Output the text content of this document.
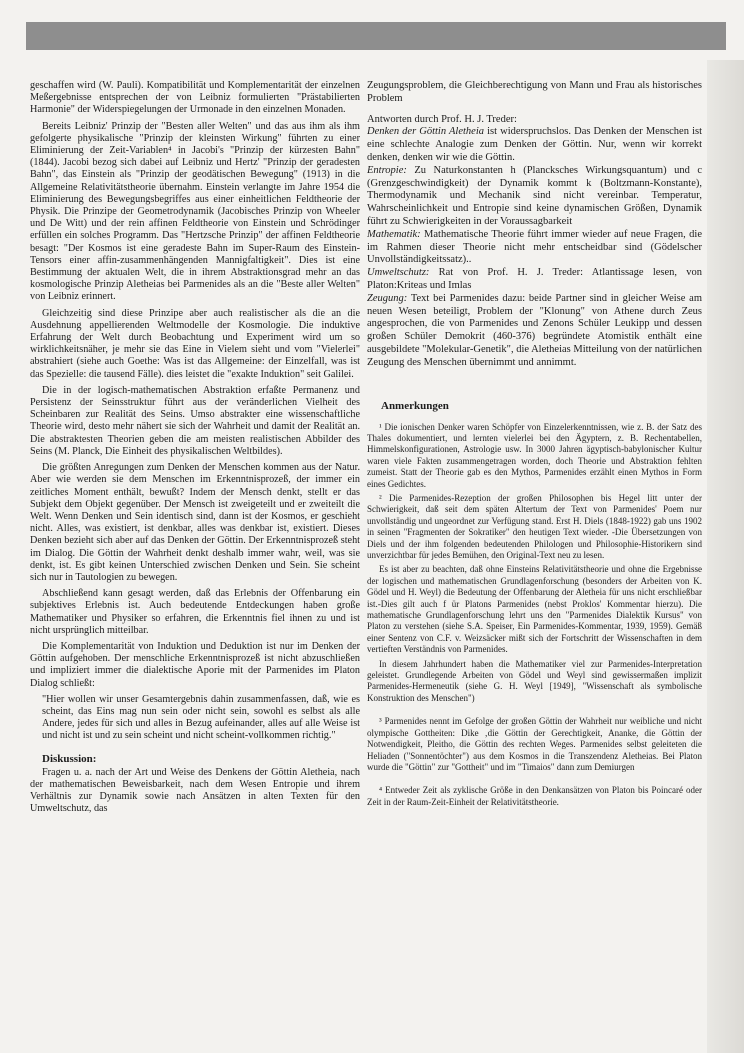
geschaffen wird (W. Pauli). Kompatibilität und Komplementarität der einzelnen Meßergebnisse entsprechen der von Leibniz formulierten "Prästabilierten Harmonie" der Widerspiegelungen der Urmonade in den einzelnen Monaden.

Bereits Leibniz' Prinzip der "Besten aller Welten" und das aus ihm als ihm gefolgerte physikalische "Prinzip der kleinsten Wirkung" führten zu einer Eliminierung der Zeit-Variablen⁴ in Jacobi's "Prinzip der kürzesten Bahn" (1844). Jacobi bezog sich dabei auf Leibniz und Hertz' "Prinzip der geradesten Bahn", das Einstein als "Prinzip der geodätischen Bewegung" (1913) in die Allgemeine Relativitätstheorie übernahm. Einstein verlangte im Jahre 1954 die Eliminierung des Bewegungsbegriffes aus einer einheitlichen Feldtheorie der Physik. Die Prinzipe der Geometrodynamik (Jacobisches Prinzip von Wheeler und De Witt) und der rein affinen Feldtheorie von Einstein und Schrödinger erfüllen ein solches Programm. Das "Hertzsche Prinzip" der affinen Feldtheorie besagt: "Der Kosmos ist eine geradeste Bahn im Super-Raum des Einstein-Tensors einer affin-zusammenhängenden Mannigfaltigkeit". Dies ist eine Bestimmung der aktualen Welt, die in ihrem Abstraktionsgrad mehr an das kosmologische Prinzip Aletheias bei Parmenides als an die "Beste aller Welten" von Leibniz erinnert.

Gleichzeitig sind diese Prinzipe aber auch realistischer als die an die Ausdehnung appellierenden Weltmodelle der Kosmologie. Die induktive Erfahrung der Welt durch Beobachtung und Experiment wird um so wirklichkeitsnäher, je mehr sie das Eine in Vielem sieht und vom "Vielerlei" abstrahiert (siehe auch Goethe: Was ist das Allgemeine: der Einzelfall, was ist das Spezielle: die tausend Fälle). dies leistet die "exakte Induktion" seit Galilei.

Die in der logisch-mathematischen Abstraktion erfaßte Permanenz und Persistenz der Seinsstruktur führt aus der veränderlichen Vielheit des Scheinbaren zur Realität des Seins. Umso abstrakter eine wissenschaftliche Theorie wird, desto mehr nähert sie sich der Wahrheit und damit der Realität an. Die abstraktesten Theorien geben die am meisten realistischen Abbilder des Seins (M. Planck, Die Einheit des physikalischen Weltbildes).

Die größten Anregungen zum Denken der Menschen kommen aus der Natur. Aber wie werden sie dem Menschen im Erkenntnisprozeß, der immer ein zeitliches Moment enthält, bewußt? Indem der Mensch denkt, stellt er das Subjekt dem Objekt gegenüber. Der Mensch ist zweigeteilt und er zweiteilt die Welt. Wenn Denken und Sein identisch sind, dann ist der Kosmos, er geschieht nicht. Alles, was existiert, ist denkbar, alles was denkbar ist, existiert. Dieses Denken bezieht sich aber auf das Denken der Göttin. Der Erkenntnisprozeß steht im Dialog. Die Göttin der Wahrheit denkt deshalb immer wahr, weil, was sie denkt, ist. Es gibt keinen Unterschied zwischen Denken und Sein. Sie scheint sich nur in Tautologien zu bewegen.

Abschließend kann gesagt werden, daß das Erlebnis der Offenbarung ein subjektives Erlebnis ist. Auch bedeutende Entdeckungen haben große Mathematiker und Physiker so erfahren, die Erkenntnis fiel ihnen zu und ist nicht ursprünglich mitteilbar.

Die Komplementarität von Induktion und Deduktion ist nur im Denken der Göttin aufgehoben. Der menschliche Erkenntnisprozeß ist nicht abzuschließen und impliziert immer die dialektische Aporie mit der Parmenides im Platon Dialog schließt:

"Hier wollen wir unser Gesamtergebnis dahin zusammenfassen, daß, wie es scheint, das Eins mag nun sein oder nicht sein, sowohl es selbst als alle Andere, jedes für sich und alles in Bezug aufeinander, alles auf alle Weise ist und nicht ist und zu sein scheint und nicht scheint-vollkommen richtig."

Diskussion:

Fragen u. a. nach der Art und Weise des Denkens der Göttin Aletheia, nach der mathematischen Beweisbarkeit, nach dem Wesen Entropie und ihrem Verhältnis zur Dynamik sowie nach Ansätzen in alten Texten für den Umweltschutz, das

Zeugungsproblem, die Gleichberechtigung von Mann und Frau als historisches Problem

Antworten durch Prof. H. J. Treder:

Denken der Göttin Aletheia ist widerspruchslos. Das Denken der Menschen ist eine schlechte Analogie zum Denken der Göttin. Nur, wenn wir korrekt denken, denken wir wie die Göttin.

Entropie: Zu Naturkonstanten h (Plancksches Wirkungsquantum) und c (Grenzgeschwindigkeit) der Dynamik kommt k (Boltzmann-Konstante), Thermodynamik und Mechanik sind nicht vereinbar. Temperatur, Wahrscheinlichkeit und Entropie sind keine dynamischen Größen, Dynamik führt zu Schwierigkeiten in der Voraussagbarkeit

Mathematik: Mathematische Theorie führt immer wieder auf neue Fragen, die im Rahmen dieser Theorie nicht mehr entscheidbar sind (Gödelscher Unvollständigkeitssatz)..

Umweltschutz: Rat von Prof. H. J. Treder: Atlantissage lesen, von Platon:Kriteas und Imlas

Zeugung: Text bei Parmenides dazu: beide Partner sind in gleicher Weise am neuen Wesen beteiligt, Problem der "Klonung" von Athene durch Zeus angesprochen, die von Parmenides und Zenons Schüler Leukipp und dessen großen Schüler Demokrit (460-376) begründete Atomistik enthält eine ausgebildete "Molekular-Genetik", die Aletheias Mitteilung von der natürlichen Zeugung des Menschen übernimmt und annimmt.

Anmerkungen

¹ Die ionischen Denker waren Schöpfer von Einzelerkenntnissen, wie z. B. der Satz des Thales dokumentiert, und lernten vielerlei bei den Ägyptern, z. B. Rechentabellen, Himmelskonfigurationen, Astrologie usw. In 3000 Jahren ägyptisch-babylonischer Kultur waren viele Fakten zusammengetragen worden, doch Theorie und Abstraktion fehlten zumeist. Statt der Theorie gab es den Mythos, Parmenides erzählt einen Mythos in Form eines Gedichtes.

² Die Parmenides-Rezeption der großen Philosophen bis Hegel litt unter der Schwierigkeit, daß seit dem späten Altertum der Text von Parmenides' Poem nur unvollständig und ungeordnet zur Verfügung stand. Erst H. Diels (1848-1922) gab uns 1902 in seinen "Fragmenten der Sokratiker" den heutigen Text wieder. -Die Übersetzungen von Diels und der ihm folgenden bedeutenden Philologen und Philosophie-Historikern sind unverzichtbar für jedes Bemühen, den Original-Text neu zu lesen.

Es ist aber zu beachten, daß ohne Einsteins Relativitätstheorie und ohne die Ergebnisse der logischen und mathematischen Grundlagenforschung (besonders der Arbeiten von K. Gödel und H. Weyl) die Bedeutung der Offenbarung der Aletheia für uns nicht erschließbar ist.-Dies gilt auch f ür Platons Parmenides (nebst Proklos' Kommentar hierzu). Die mathematische Grundlagenforschung lehrt uns den "Parmenides Dialektik Kursus" von Platon zu verstehen (siehe S.A. Speiser, Ein Parmenides-Kommentar, 1939, 1959). Gemäß einer Sentenz von C.F. v. Weizsäcker mißt sich der Fortschritt der Wissenschaften in dem vertieften Verständnis von Parmenides.

In diesem Jahrhundert haben die Mathematiker viel zur Parmenides-Interpretation geleistet. Grundlegende Arbeiten von Gödel und Weyl sind gewissermaßen implizit Parmenides-Hermeneutik (siehe G. H. Weyl [1949], "Wissenschaft als symbolische Konstruktion des Menschen")

³ Parmenides nennt im Gefolge der großen Göttin der Wahrheit nur weibliche und nicht olympische Gottheiten: Dike ‚die Göttin der Gerechtigkeit, Ananke, die Göttin der Notwendigkeit, Pleitho, die Göttin des rechten Weges. Parmenides selbst geleiteten die Heliaden ("Sonnentöchter") aus dem Kosmos in die Transzendenz Aletheias. Bei Platon wurde die "Göttin" zur "Gottheit" und im "Timaios" dann zum Demiurgen

⁴ Entweder Zeit als zyklische Größe in den Denkansätzen von Platon bis Poincaré oder Zeit in der Raum-Zeit-Einheit der Relativitätstheorie.
